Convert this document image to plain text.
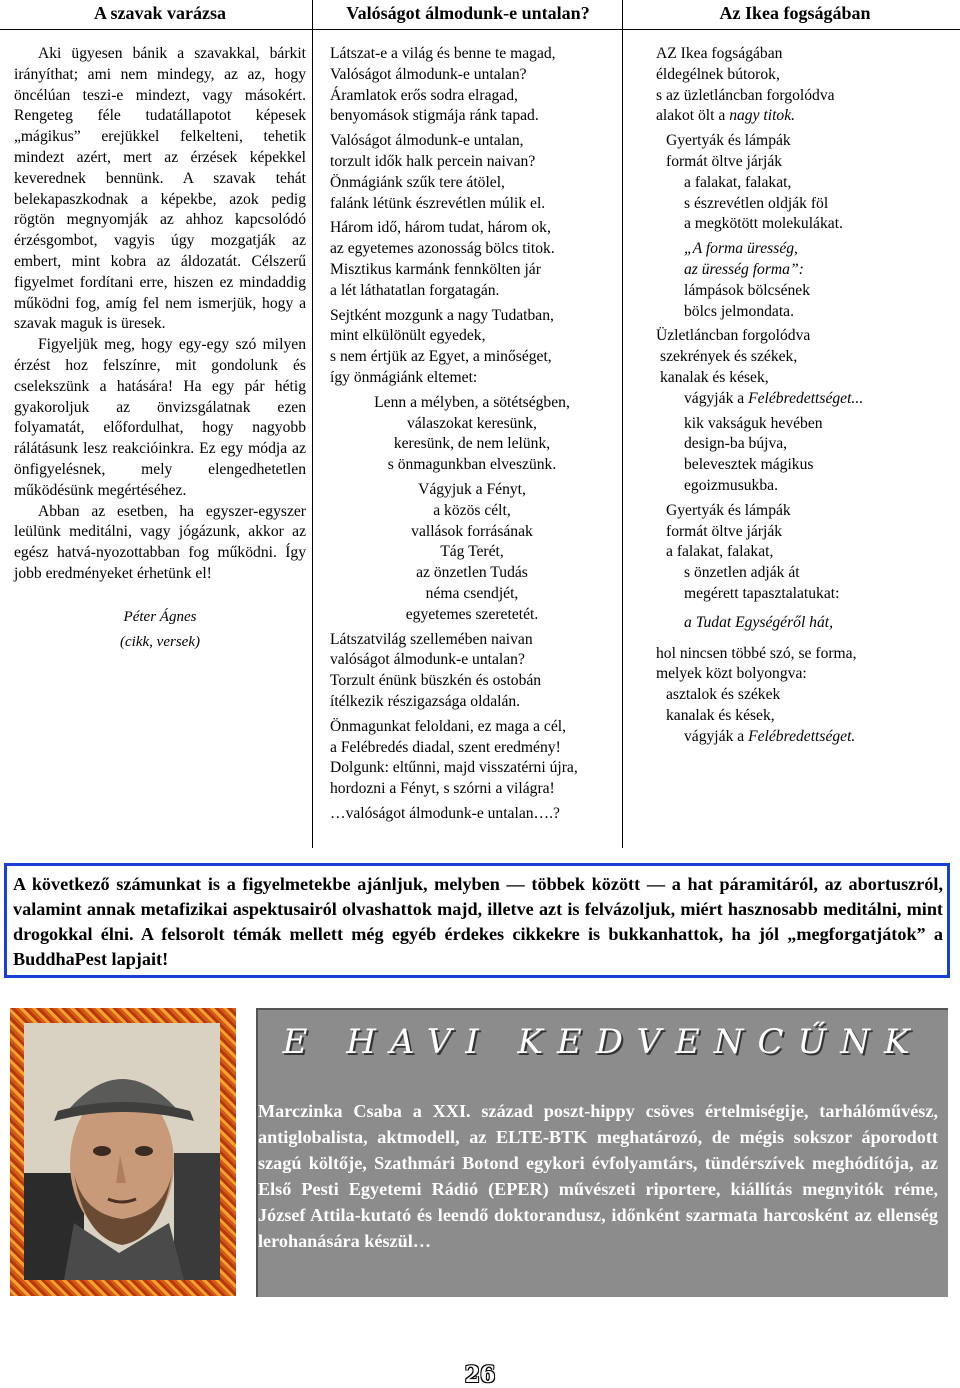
A szavak varázsa	Valóságot álmodunk-e untalan?	Az Ikea fogságában

Aki ügyesen bánik a szavakkal, bárkit irányíthat; ami nem mindegy, az az, hogy öncélúan teszi-e mindezt, vagy másokért. Rengeteg féle tudatállapotot képesek „mágikus” erejükkel felkelteni, tehetik mindezt azért, mert az érzések képekkel keverednek bennünk. A szavak tehát belekapaszkodnak a képekbe, azok pedig rögtön megnyomják az ahhoz kapcsolódó érzésgombot, vagyis úgy mozgatják az embert, mint kobra az áldozatát. Célszerű figyelmet fordítani erre, hiszen ez mindaddig működni fog, amíg fel nem ismerjük, hogy a szavak maguk is üresek.

Figyeljük meg, hogy egy-egy szó milyen érzést hoz felszínre, mit gondolunk és cselekszünk a hatására! Ha egy pár hétig gyakoroljuk az önvizsgálatnak ezen folyamatát, előfordulhat, hogy nagyobb rálátásunk lesz reakcióinkra. Ez egy módja az önfigyelésnek, mely elengedhetetlen működésünk megértéséhez.

Abban az esetben, ha egyszer-egyszer leülünk meditálni, vagy jógázunk, akkor az egész hatvá-nyozottabban fog működni. Így jobb eredményeket érhetünk el!

Péter Ágnes

(cikk, versek)

Látszat-e a világ és benne te magad,
Valóságot álmodunk-e untalan?
Áramlatok erős sodra elragad,
benyomások stigmája ránk tapad.
Valóságot álmodunk-e untalan,
torzult idők halk percein naivan?
Önmágiánk szűk tere átölel,
falánk létünk észrevétlen múlik el.
Három idő, három tudat, három ok,
az egyetemes azonosság bölcs titok.
Misztikus karmánk fennkölten jár
a lét láthatatlan forgatagán.
Sejtként mozgunk a nagy Tudatban,
mint elkülönült egyedek,
s nem értjük az Egyet, a minőséget,
így önmágiánk eltemet:
Lenn a mélyben, a sötétségben,
válaszokat keresünk,
keresünk, de nem lelünk,
s önmagunkban elveszünk.
Vágyjuk a Fényt,
a közös célt,
vallások forrásának
Tág Terét,
az önzetlen Tudás
néma csendjét,
egyetemes szeretetét.
Látszatvilág szellemében naivan
valóságot álmodunk-e untalan?
Torzult énünk büszkén és ostobán
ítélkezik részigazsága oldalán.
Önmagunkat feloldani, ez maga a cél,
a Felébredés diadal, szent eredmény!
Dolgunk: eltűnni, majd visszatérni újra,
hordozni a Fényt, s szórni a világra!
…valóságot álmodunk-e untalan….?
AZ Ikea fogságában
éldegélnek bútorok,
s az üzletláncban forgolódva
alakot ölt a nagy titok.
Gyertyák és lámpák
formát öltve járják
a falakat, falakat,
s észrevétlen oldják föl
a megkötött molekulákat.
„A forma üresség,
az üresség forma”:
lámpások bölcsének
bölcs jelmondata.
Üzletláncban forgolódva
szekrények és székek,
kanalak és kések,
vágyják a Felébredettséget...
kik vakságuk hevében
design-ba bújva,
belevesztek mágikus
egoizmusukba.
Gyertyák és lámpák
formát öltve járják
a falakat, falakat,
s önzetlen adják át
megérett tapasztalatukat:
a Tudat Egységéről hát,
hol nincsen többé szó, se forma,
melyek közt bolyongva:
asztalok és székek
kanalak és kések,
vágyják a Felébredettséget.
A következő számunkat is a figyelmetekbe ajánljuk, melyben — többek között — a hat páramitáról, az abortuszról, valamint annak metafizikai aspektusairól olvashattok majd, illetve azt is felvázoljuk, miért hasznosabb meditálni, mint drogokkal élni. A felsorolt témák mellett még egyéb érdekes cikkekre is bukkanhattok, ha jól „megforgatjátok” a BuddhaPest lapjait!
E HAVI KEDVENCŰNK
Marczinka Csaba a XXI. század poszt-hippy csöves értelmiségije, tarhálóművész, antiglobalista, aktmodell, az ELTE-BTK meghatározó, de mégis sokszor áporodott szagú költője, Szathmári Botond egykori évfolyamtárs, tündérszívek meghódítója, az Első Pesti Egyetemi Rádió (EPER) művészeti riportere, kiállítás megnyitók réme, József Attila-kutató és leendő doktorandusz, időnként szarmata harcosként az ellenség lerohanására készül…
26
